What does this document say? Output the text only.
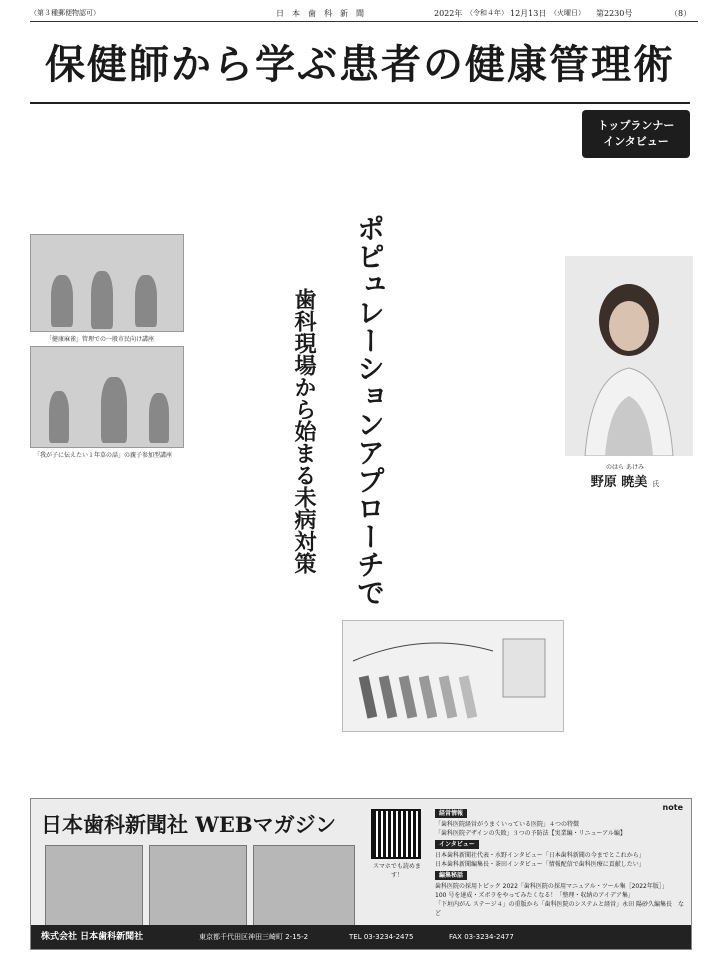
（第３種郵便物認可）	日　本　歯　科　新　聞	2022年 （令和４年） 12月13日 （火曜日） 第2230号	（8）
保健師から学ぶ患者の健康管理術
トップランナー
インタビュー
のはら あけみ
野原 暁美 氏
ポピュレーションアプローチで
歯科現場から始まる未病対策
「健康麻雀」管理での一般市民向け講座
「我が子に伝えたい１年草の話」の親子参加型講座
日本歯科新聞社 WEBマガジン
スマホでも読めます！
note
経営情報
「歯科医院経営がうまくいっている医院」４つの特徴
「歯科医院デザインの失敗」３つの予防法【実業編・リニューアル編】
インタビュー
日本歯科新聞社代表・水野インタビュー「日本歯科新聞の今までとこれから」
日本歯科新聞編集長・茶田インタビュー「情報配信で歯科医療に貢献したい」
編集秘話
歯科医院の採用トピック 2022「歯科医院の採用マニュアル・ツール集［2022年版］」
100 号を達成・ズボラをやってみたくなる！「整理・収納のアイデア集」
「下垣内がん ステージ４」の重版から「歯科医院のシステムと経営」永田 陽砂久編集長　など
株式会社 日本歯科新聞社	東京都千代田区神田三崎町 2-15-2	TEL 03-3234-2475	FAX 03-3234-2477
